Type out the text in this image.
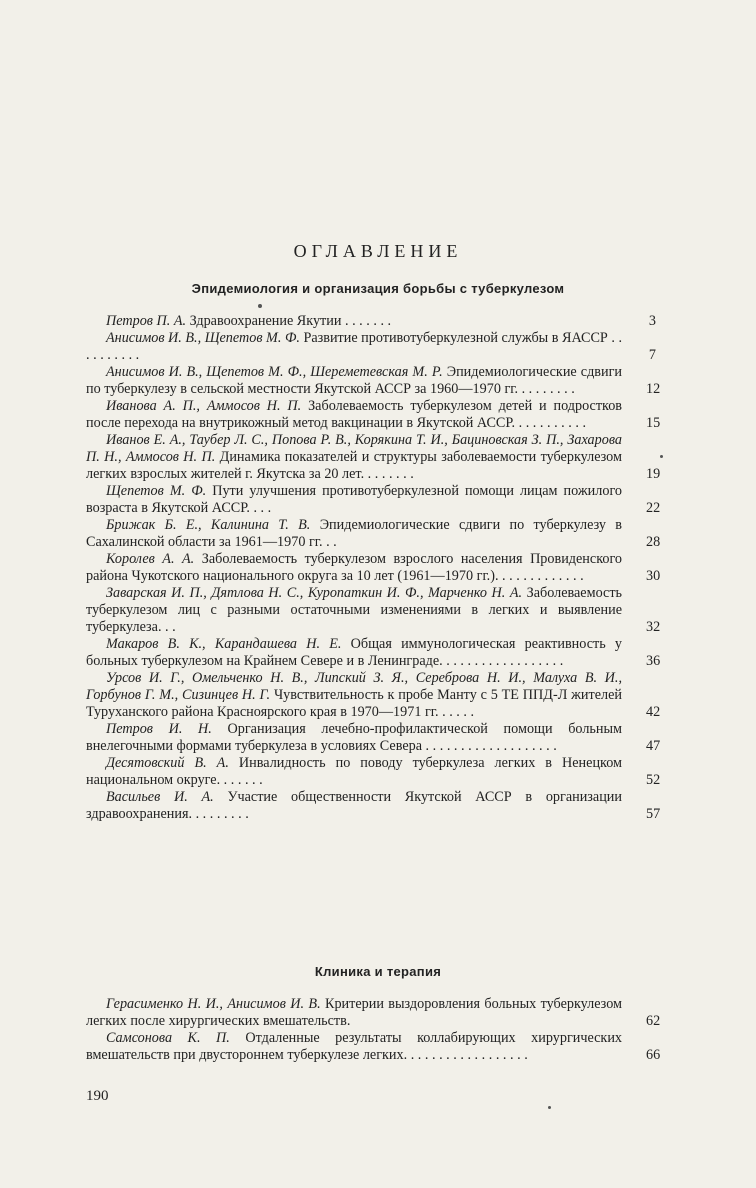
ОГЛАВЛЕНИЕ
Эпидемиология и организация борьбы с туберкулезом
Петров П. А. Здравоохранение Якутии . . . . . . .	3
Анисимов И. В., Щепетов М. Ф. Развитие противотуберкулезной службы в ЯАССР . . . . . . . . . .	7
Анисимов И. В., Щепетов М. Ф., Шереметевская М. Р. Эпидемиологические сдвиги по туберкулезу в сельской местности Якутской АССР за 1960—1970 гг. . . . . . . . .	12
Иванова А. П., Аммосов Н. П. Заболеваемость туберкулезом детей и подростков после перехода на внутрикожный метод вакцинации в Якутской АССР. . . . . . . . . . .	15
Иванов Е. А., Таубер Л. С., Попова Р. В., Корякина Т. И., Бациновская З. П., Захарова П. Н., Аммосов Н. П. Динамика показателей и структуры заболеваемости туберкулезом легких взрослых жителей г. Якутска за 20 лет. . . . . . . .	19
Щепетов М. Ф. Пути улучшения противотуберкулезной помощи лицам пожилого возраста в Якутской АССР. . . .	22
Брижак Б. Е., Калинина Т. В. Эпидемиологические сдвиги по туберкулезу в Сахалинской области за 1961—1970 гг. . .	28
Королев А. А. Заболеваемость туберкулезом взрослого населения Провиденского района Чукотского национального округа за 10 лет (1961—1970 гг.). . . . . . . . . . . . .	30
Заварская И. П., Дятлова Н. С., Куропаткин И. Ф., Марченко Н. А. Заболеваемость туберкулезом лиц с разными остаточными изменениями в легких и выявление туберкулеза. . .	32
Макаров В. К., Карандашева Н. Е. Общая иммунологическая реактивность у больных туберкулезом на Крайнем Севере и в Ленинграде. . . . . . . . . . . . . . . . . .	36
Урсов И. Г., Омельченко Н. В., Липский З. Я., Сереброва Н. И., Малуха В. И., Горбунов Г. М., Сизинцев Н. Г. Чувствительность к пробе Манту с 5 ТЕ ППД-Л жителей Туруханского района Красноярского края в 1970—1971 гг. . . . . .	42
Петров И. Н. Организация лечебно-профилактической помощи больным внелегочными формами туберкулеза в условиях Севера . . . . . . . . . . . . . . . . . . .	47
Десятовский В. А. Инвалидность по поводу туберкулеза легких в Ненецком национальном округе. . . . . . .	52
Васильев И. А. Участие общественности Якутской АССР в организации здравоохранения. . . . . . . . .	57
Клиника и терапия
Герасименко Н. И., Анисимов И. В. Критерии выздоровления больных туберкулезом легких после хирургических вмешательств.	62
Самсонова К. П. Отдаленные результаты коллабирующих хирургических вмешательств при двустороннем туберкулезе легких. . . . . . . . . . . . . . . . . .	66
190
